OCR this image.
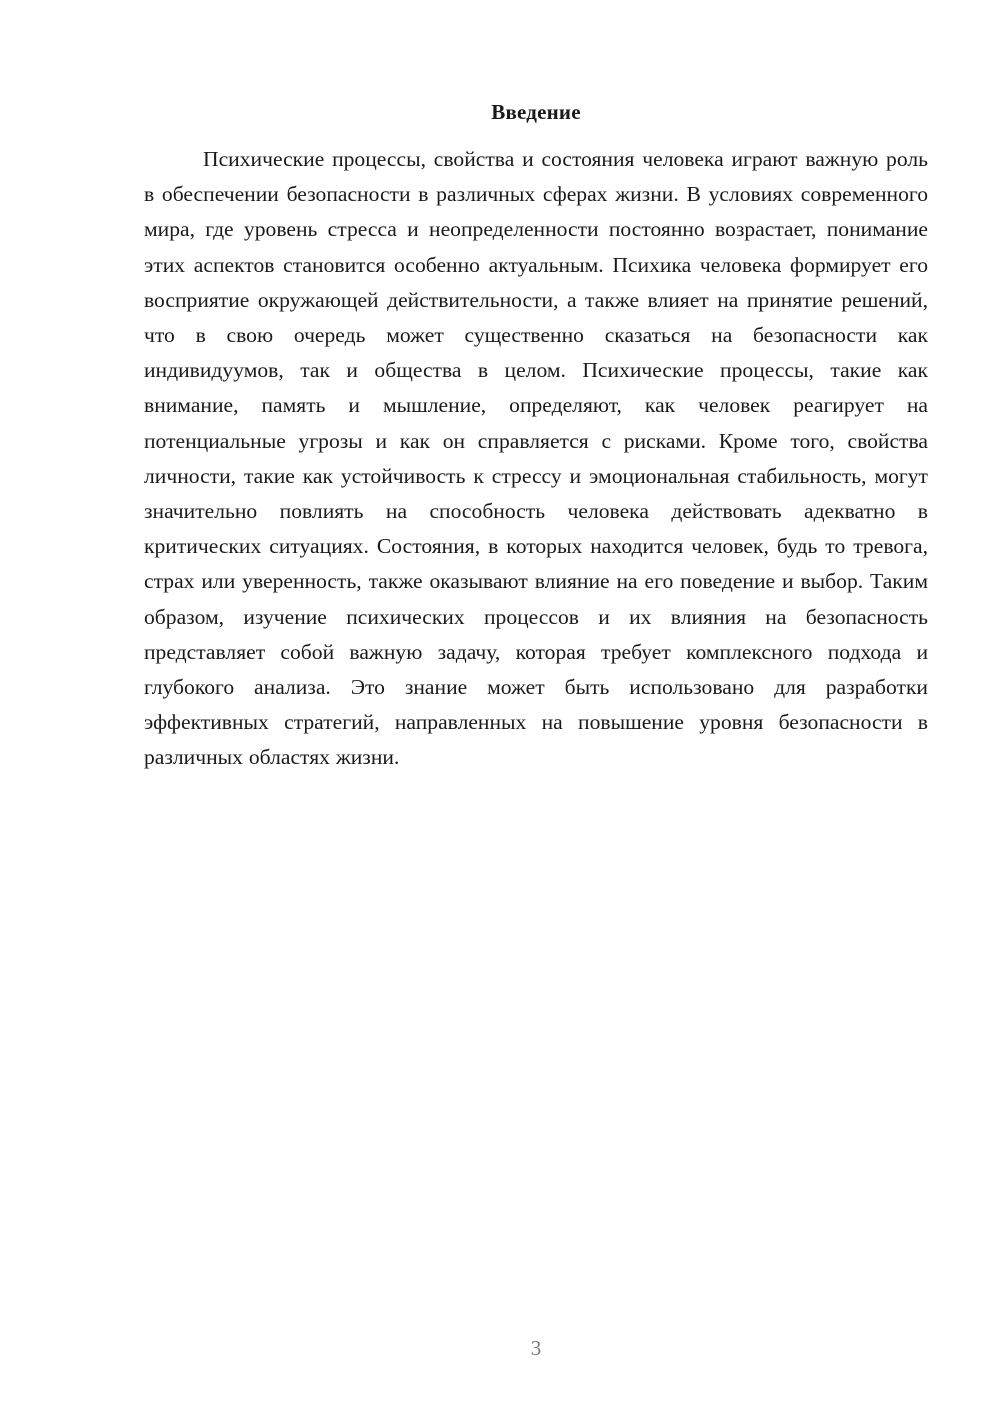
Введение

Психические процессы, свойства и состояния человека играют важную роль в обеспечении безопасности в различных сферах жизни. В условиях современного мира, где уровень стресса и неопределенности постоянно возрастает, понимание этих аспектов становится особенно актуальным. Психика человека формирует его восприятие окружающей действительности, а также влияет на принятие решений, что в свою очередь может существенно сказаться на безопасности как индивидуумов, так и общества в целом. Психические процессы, такие как внимание, память и мышление, определяют, как человек реагирует на потенциальные угрозы и как он справляется с рисками. Кроме того, свойства личности, такие как устойчивость к стрессу и эмоциональная стабильность, могут значительно повлиять на способность человека действовать адекватно в критических ситуациях. Состояния, в которых находится человек, будь то тревога, страх или уверенность, также оказывают влияние на его поведение и выбор. Таким образом, изучение психических процессов и их влияния на безопасность представляет собой важную задачу, которая требует комплексного подхода и глубокого анализа. Это знание может быть использовано для разработки эффективных стратегий, направленных на повышение уровня безопасности в различных областях жизни.

3
